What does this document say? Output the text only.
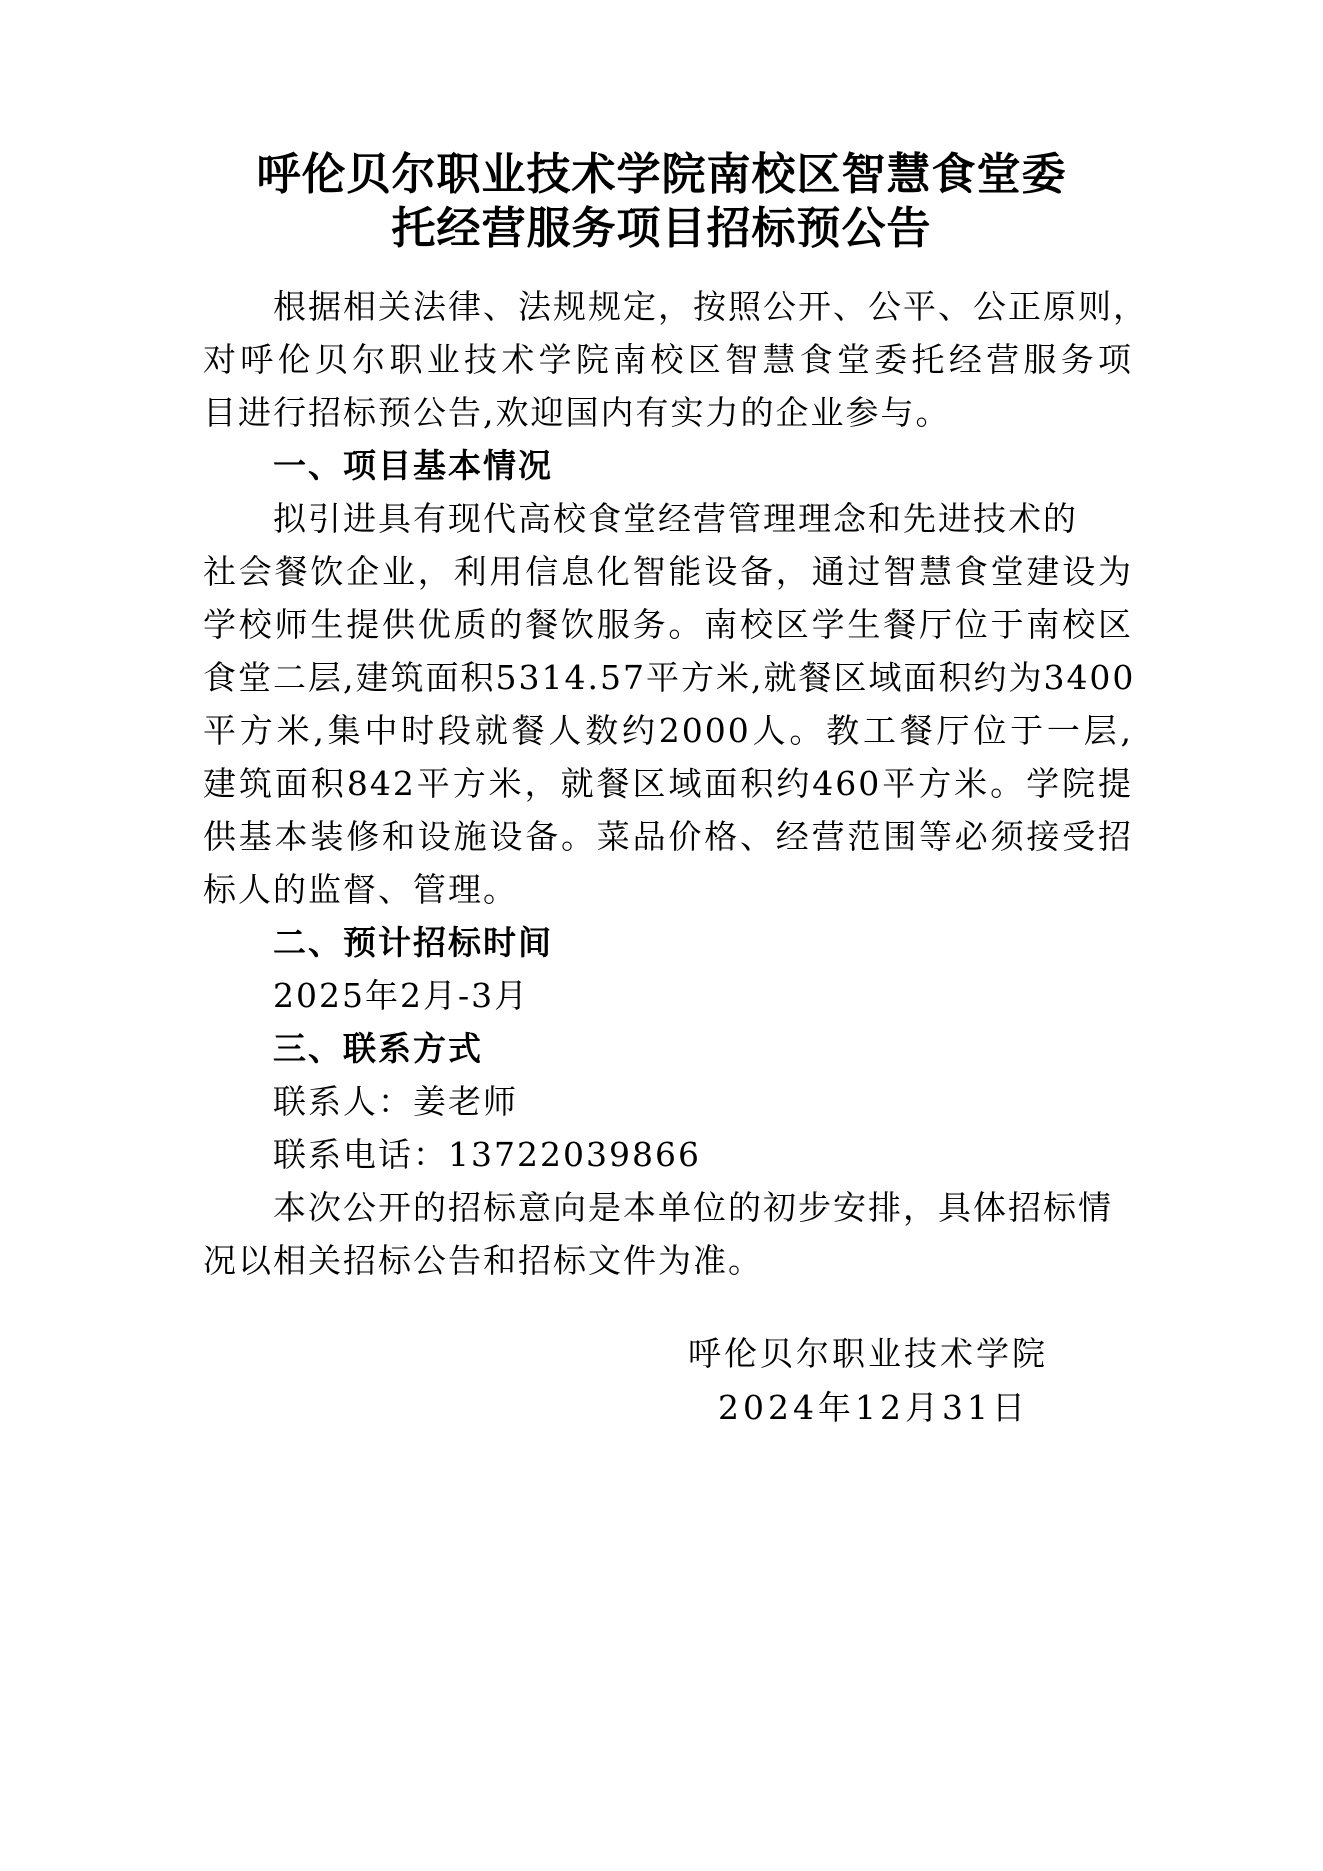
呼伦贝尔职业技术学院南校区智慧食堂委
托经营服务项目招标预公告
根据相关法律、法规规定，按照公开、公平、公正原则，
对呼伦贝尔职业技术学院南校区智慧食堂委托经营服务项
目进行招标预公告,欢迎国内有实力的企业参与。
一、项目基本情况
拟引进具有现代高校食堂经营管理理念和先进技术的
社会餐饮企业，利用信息化智能设备，通过智慧食堂建设为
学校师生提供优质的餐饮服务。南校区学生餐厅位于南校区
食堂二层,建筑面积5314.57平方米,就餐区域面积约为3400
平方米,集中时段就餐人数约2000人。教工餐厅位于一层,
建筑面积842平方米，就餐区域面积约460平方米。学院提
供基本装修和设施设备。菜品价格、经营范围等必须接受招
标人的监督、管理。
二、预计招标时间
2025年2月-3月
三、联系方式
联系人：姜老师
联系电话：13722039866
本次公开的招标意向是本单位的初步安排，具体招标情
况以相关招标公告和招标文件为准。
呼伦贝尔职业技术学院
2024年12月31日
